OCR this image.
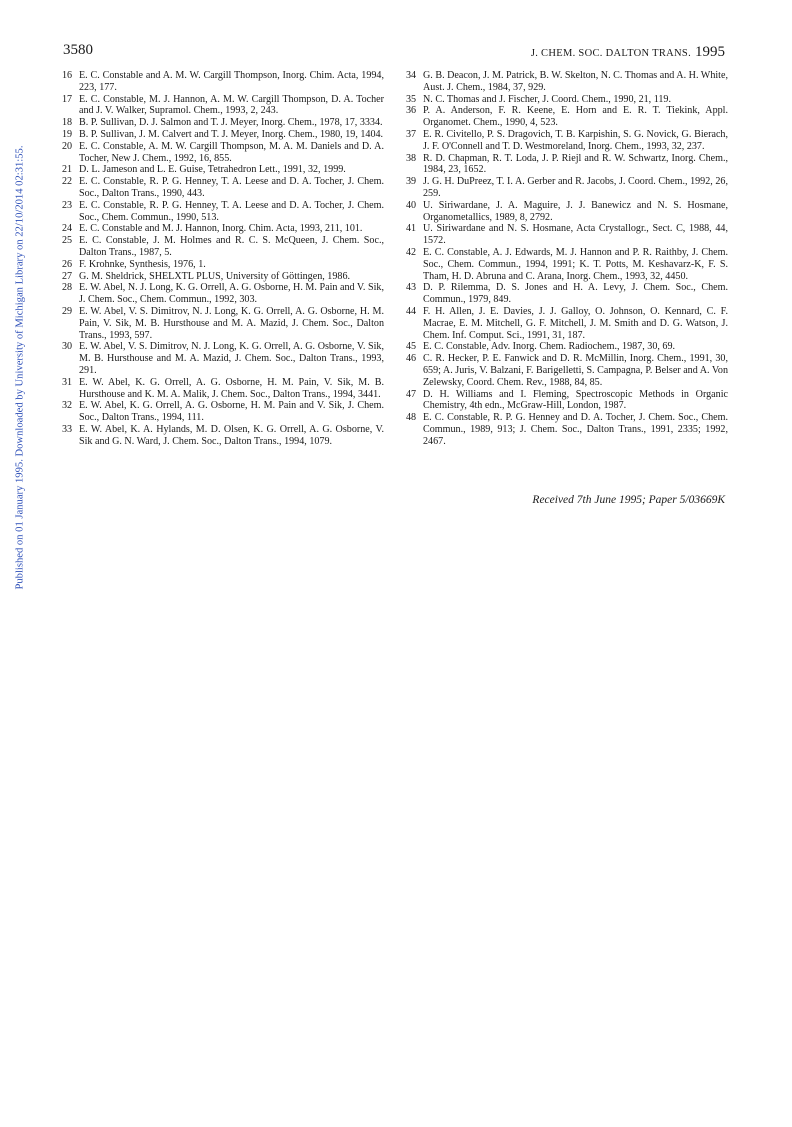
3580	J. CHEM. SOC. DALTON TRANS. 1995
Published on 01 January 1995. Downloaded by University of Michigan Library on 22/10/2014 02:31:55.

16 E. C. Constable and A. M. W. Cargill Thompson, Inorg. Chim. Acta, 1994, 223, 177.

17 E. C. Constable, M. J. Hannon, A. M. W. Cargill Thompson, D. A. Tocher and J. V. Walker, Supramol. Chem., 1993, 2, 243.

18 B. P. Sullivan, D. J. Salmon and T. J. Meyer, Inorg. Chem., 1978, 17, 3334.

19 B. P. Sullivan, J. M. Calvert and T. J. Meyer, Inorg. Chem., 1980, 19, 1404.

20 E. C. Constable, A. M. W. Cargill Thompson, M. A. M. Daniels and D. A. Tocher, New J. Chem., 1992, 16, 855.

21 D. L. Jameson and L. E. Guise, Tetrahedron Lett., 1991, 32, 1999.

22 E. C. Constable, R. P. G. Henney, T. A. Leese and D. A. Tocher, J. Chem. Soc., Dalton Trans., 1990, 443.

23 E. C. Constable, R. P. G. Henney, T. A. Leese and D. A. Tocher, J. Chem. Soc., Chem. Commun., 1990, 513.

24 E. C. Constable and M. J. Hannon, Inorg. Chim. Acta, 1993, 211, 101.

25 E. C. Constable, J. M. Holmes and R. C. S. McQueen, J. Chem. Soc., Dalton Trans., 1987, 5.

26 F. Krohnke, Synthesis, 1976, 1.

27 G. M. Sheldrick, SHELXTL PLUS, University of Göttingen, 1986.

28 E. W. Abel, N. J. Long, K. G. Orrell, A. G. Osborne, H. M. Pain and V. Sik, J. Chem. Soc., Chem. Commun., 1992, 303.

29 E. W. Abel, V. S. Dimitrov, N. J. Long, K. G. Orrell, A. G. Osborne, H. M. Pain, V. Sik, M. B. Hursthouse and M. A. Mazid, J. Chem. Soc., Dalton Trans., 1993, 597.

30 E. W. Abel, V. S. Dimitrov, N. J. Long, K. G. Orrell, A. G. Osborne, V. Sik, M. B. Hursthouse and M. A. Mazid, J. Chem. Soc., Dalton Trans., 1993, 291.

31 E. W. Abel, K. G. Orrell, A. G. Osborne, H. M. Pain, V. Sik, M. B. Hursthouse and K. M. A. Malik, J. Chem. Soc., Dalton Trans., 1994, 3441.

32 E. W. Abel, K. G. Orrell, A. G. Osborne, H. M. Pain and V. Sik, J. Chem. Soc., Dalton Trans., 1994, 111.

33 E. W. Abel, K. A. Hylands, M. D. Olsen, K. G. Orrell, A. G. Osborne, V. Sik and G. N. Ward, J. Chem. Soc., Dalton Trans., 1994, 1079.

34 G. B. Deacon, J. M. Patrick, B. W. Skelton, N. C. Thomas and A. H. White, Aust. J. Chem., 1984, 37, 929.

35 N. C. Thomas and J. Fischer, J. Coord. Chem., 1990, 21, 119.

36 P. A. Anderson, F. R. Keene, E. Horn and E. R. T. Tiekink, Appl. Organomet. Chem., 1990, 4, 523.

37 E. R. Civitello, P. S. Dragovich, T. B. Karpishin, S. G. Novick, G. Bierach, J. F. O'Connell and T. D. Westmoreland, Inorg. Chem., 1993, 32, 237.

38 R. D. Chapman, R. T. Loda, J. P. Riejl and R. W. Schwartz, Inorg. Chem., 1984, 23, 1652.

39 J. G. H. DuPreez, T. I. A. Gerber and R. Jacobs, J. Coord. Chem., 1992, 26, 259.

40 U. Siriwardane, J. A. Maguire, J. J. Banewicz and N. S. Hosmane, Organometallics, 1989, 8, 2792.

41 U. Siriwardane and N. S. Hosmane, Acta Crystallogr., Sect. C, 1988, 44, 1572.

42 E. C. Constable, A. J. Edwards, M. J. Hannon and P. R. Raithby, J. Chem. Soc., Chem. Commun., 1994, 1991; K. T. Potts, M. Keshavarz-K, F. S. Tham, H. D. Abruna and C. Arana, Inorg. Chem., 1993, 32, 4450.

43 D. P. Rilemma, D. S. Jones and H. A. Levy, J. Chem. Soc., Chem. Commun., 1979, 849.

44 F. H. Allen, J. E. Davies, J. J. Galloy, O. Johnson, O. Kennard, C. F. Macrae, E. M. Mitchell, G. F. Mitchell, J. M. Smith and D. G. Watson, J. Chem. Inf. Comput. Sci., 1991, 31, 187.

45 E. C. Constable, Adv. Inorg. Chem. Radiochem., 1987, 30, 69.

46 C. R. Hecker, P. E. Fanwick and D. R. McMillin, Inorg. Chem., 1991, 30, 659; A. Juris, V. Balzani, F. Barigelletti, S. Campagna, P. Belser and A. Von Zelewsky, Coord. Chem. Rev., 1988, 84, 85.

47 D. H. Williams and I. Fleming, Spectroscopic Methods in Organic Chemistry, 4th edn., McGraw-Hill, London, 1987.

48 E. C. Constable, R. P. G. Henney and D. A. Tocher, J. Chem. Soc., Chem. Commun., 1989, 913; J. Chem. Soc., Dalton Trans., 1991, 2335; 1992, 2467.

Received 7th June 1995; Paper 5/03669K
